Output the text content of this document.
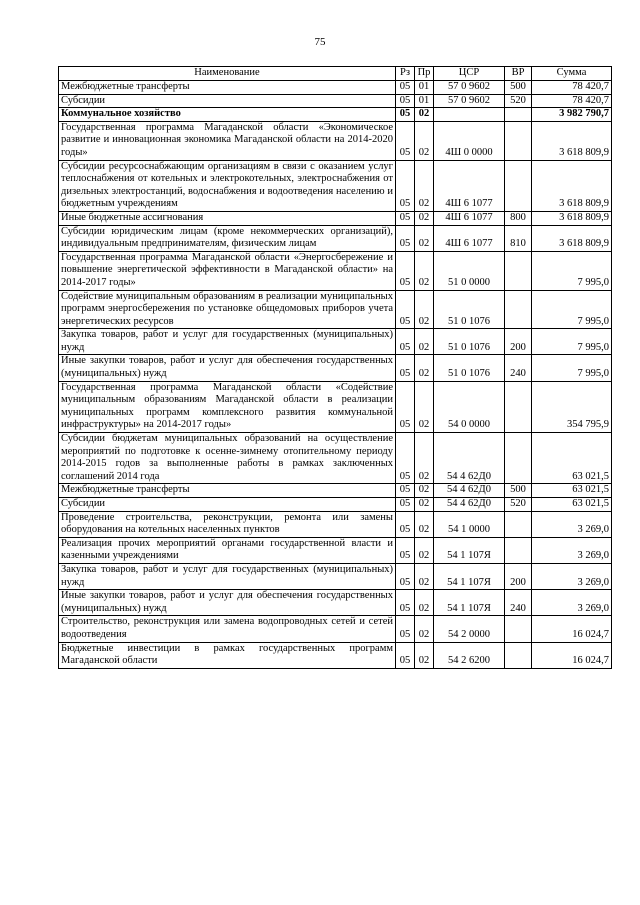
75
Наименование	Рз	Пр	ЦСР	ВР	Сумма
Межбюджетные трансферты	05	01	57 0 9602	500	78 420,7
Субсидии	05	01	57 0 9602	520	78 420,7
Коммунальное хозяйство	05	02			3 982 790,7
Государственная программа Магаданской области «Экономическое развитие и инновационная экономика Магаданской области на 2014-2020 годы»	05	02	4Ш 0 0000		3 618 809,9
Субсидии ресурсоснабжающим организациям в связи с оказанием услуг теплоснабжения от котельных и электрокотельных, электроснабжения от дизельных электростанций, водоснабжения и водоотведения населению и бюджетным учреждениям	05	02	4Ш 6 1077		3 618 809,9
Иные бюджетные ассигнования	05	02	4Ш 6 1077	800	3 618 809,9
Субсидии юридическим лицам (кроме некоммерческих организаций), индивидуальным предпринимателям, физическим лицам	05	02	4Ш 6 1077	810	3 618 809,9
Государственная программа Магаданской области «Энергосбережение и повышение энергетической эффективности в Магаданской области» на 2014-2017 годы»	05	02	51 0 0000		7 995,0
Содействие муниципальным образованиям в реализации муниципальных программ энергосбережения по установке общедомовых приборов учета энергетических ресурсов	05	02	51 0 1076		7 995,0
Закупка товаров, работ и услуг для государственных (муниципальных) нужд	05	02	51 0 1076	200	7 995,0
Иные закупки товаров, работ и услуг для обеспечения государственных (муниципальных) нужд	05	02	51 0 1076	240	7 995,0
Государственная программа Магаданской области «Содействие муниципальным образованиям Магаданской области в реализации муниципальных программ комплексного развития коммунальной инфраструктуры» на 2014-2017 годы»	05	02	54 0 0000		354 795,9
Субсидии бюджетам муниципальных образований на осуществление мероприятий по подготовке к осенне-зимнему отопительному периоду 2014-2015 годов за выполненные работы в рамках заключенных соглашений 2014 года	05	02	54 4 62Д0		63 021,5
Межбюджетные трансферты	05	02	54 4 62Д0	500	63 021,5
Субсидии	05	02	54 4 62Д0	520	63 021,5
Проведение строительства, реконструкции, ремонта или замены оборудования на котельных населенных пунктов	05	02	54 1 0000		3 269,0
Реализация прочих мероприятий органами государственной власти и казенными учреждениями	05	02	54 1 107Я		3 269,0
Закупка товаров, работ и услуг для государственных (муниципальных) нужд	05	02	54 1 107Я	200	3 269,0
Иные закупки товаров, работ и услуг для обеспечения государственных (муниципальных) нужд	05	02	54 1 107Я	240	3 269,0
Строительство, реконструкция или замена водопроводных сетей и сетей водоотведения	05	02	54 2 0000		16 024,7
Бюджетные инвестиции в рамках государственных программ Магаданской области	05	02	54 2 6200		16 024,7
